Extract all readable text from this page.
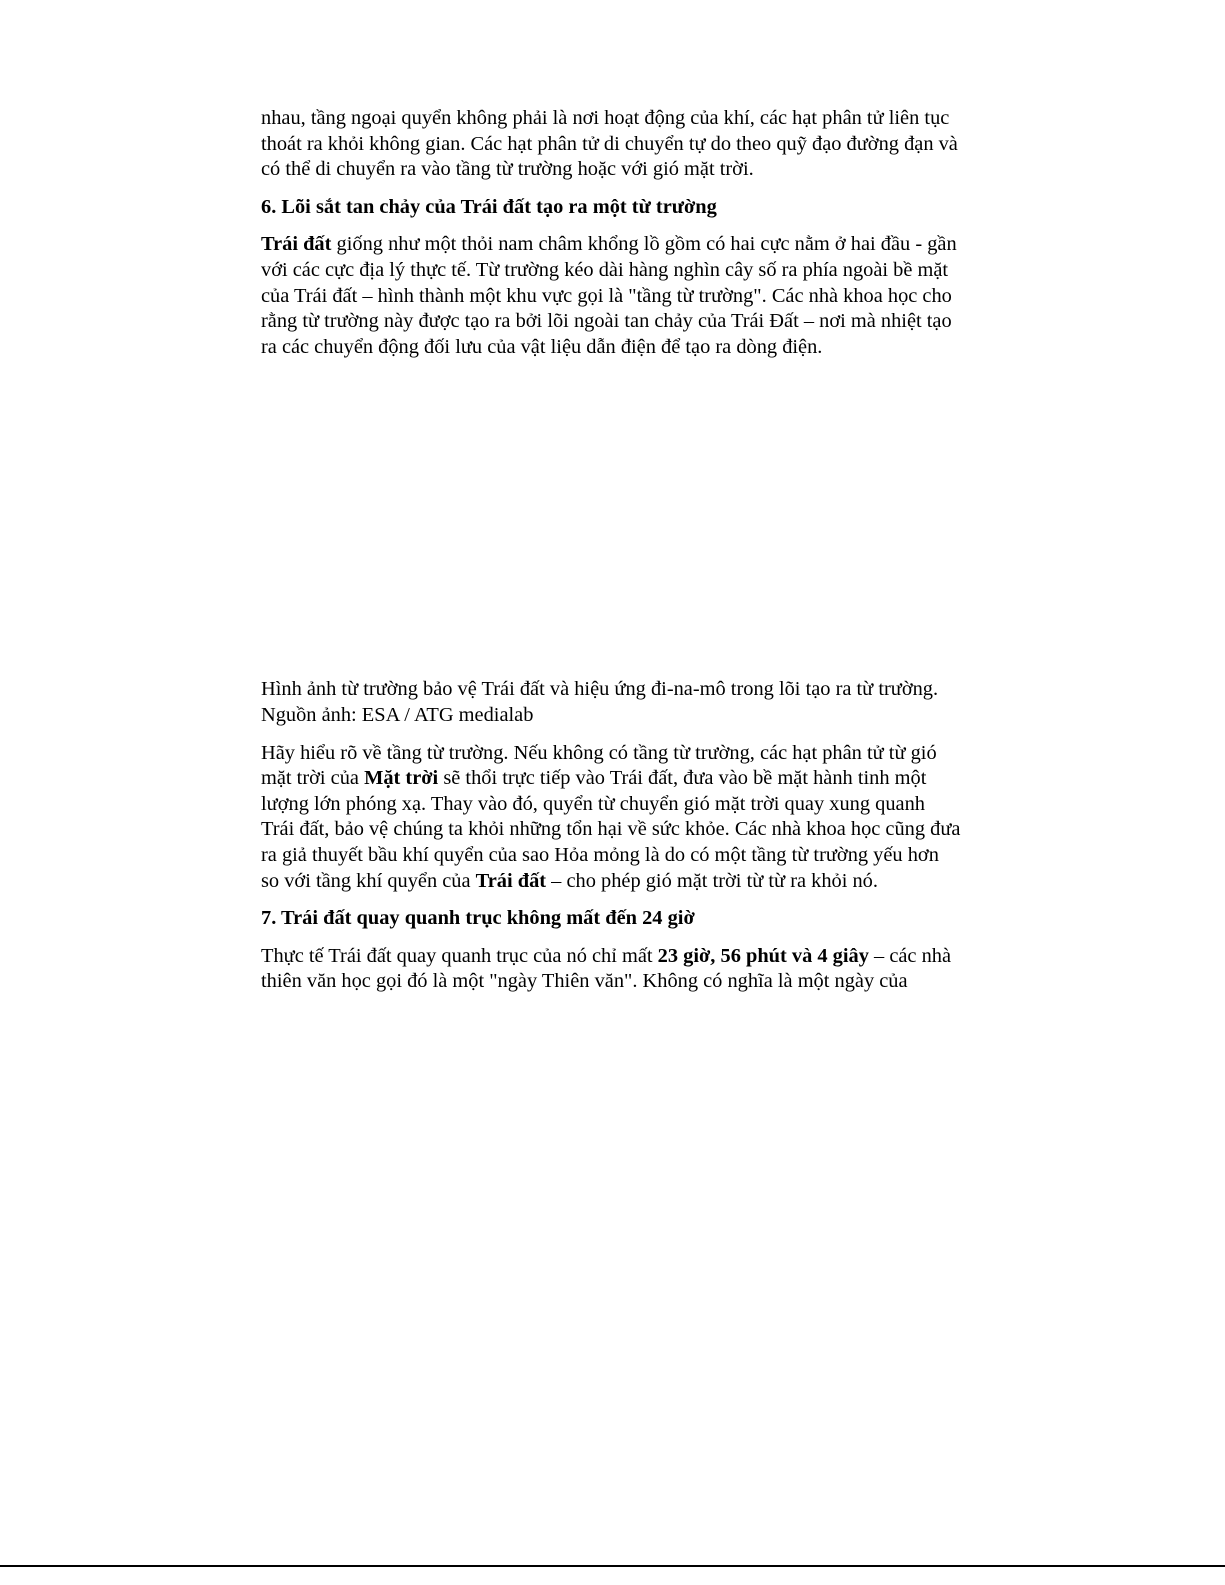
nhau, tầng ngoại quyển không phải là nơi hoạt động của khí, các hạt phân tử liên tục thoát ra khỏi không gian. Các hạt phân tử di chuyển tự do theo quỹ đạo đường đạn và có thể di chuyển ra vào tầng từ trường hoặc với gió mặt trời.

6. Lõi sắt tan chảy của Trái đất tạo ra một từ trường

Trái đất giống như một thỏi nam châm khổng lồ gồm có hai cực nằm ở hai đầu - gần với các cực địa lý thực tế. Từ trường kéo dài hàng nghìn cây số ra phía ngoài bề mặt của Trái đất – hình thành một khu vực gọi là "tầng từ trường". Các nhà khoa học cho rằng từ trường này được tạo ra bởi lõi ngoài tan chảy của Trái Đất – nơi mà nhiệt tạo ra các chuyển động đối lưu của vật liệu dẫn điện để tạo ra dòng điện.

Hình ảnh từ trường bảo vệ Trái đất và hiệu ứng đi-na-mô trong lõi tạo ra từ trường.
Nguồn ảnh: ESA / ATG medialab

Hãy hiểu rõ về tầng từ trường. Nếu không có tầng từ trường, các hạt phân tử từ gió mặt trời của Mặt trời sẽ thổi trực tiếp vào Trái đất, đưa vào bề mặt hành tinh một lượng lớn phóng xạ. Thay vào đó, quyển từ chuyển gió mặt trời quay xung quanh Trái đất, bảo vệ chúng ta khỏi những tổn hại về sức khỏe. Các nhà khoa học cũng đưa ra giả thuyết bầu khí quyển của sao Hỏa mỏng là do có một tầng từ trường yếu hơn so với tầng khí quyển của Trái đất – cho phép gió mặt trời từ từ ra khỏi nó.

7. Trái đất quay quanh trục không mất đến 24 giờ

Thực tế Trái đất quay quanh trục của nó chỉ mất 23 giờ, 56 phút và 4 giây – các nhà thiên văn học gọi đó là một "ngày Thiên văn". Không có nghĩa là một ngày của
